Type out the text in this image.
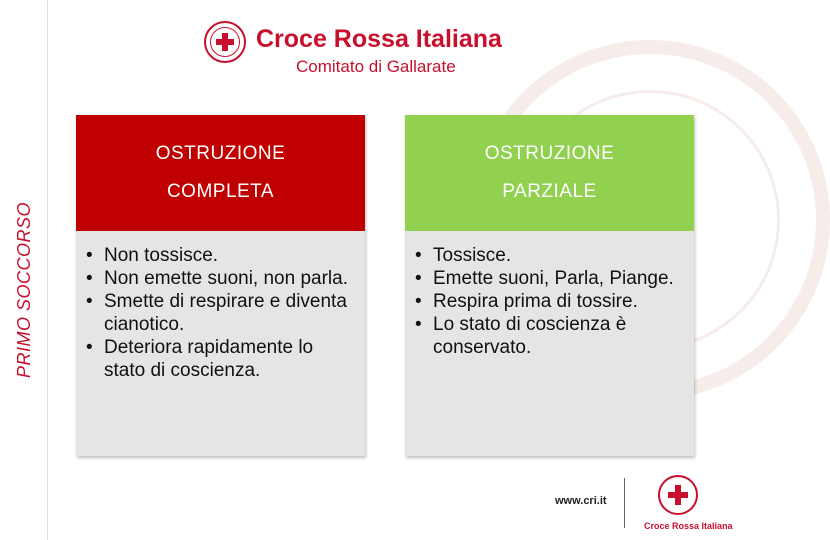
PRIMO SOCCORSO
Croce Rossa Italiana
Comitato di Gallarate
OSTRUZIONE
COMPLETA
• Non tossisce.
• Non emette suoni, non parla.
• Smette di respirare e diventa cianotico.
• Deteriora rapidamente lo stato di coscienza.
OSTRUZIONE
PARZIALE
• Tossisce.
• Emette suoni, Parla, Piange.
• Respira prima di tossire.
• Lo stato di coscienza è conservato.
www.cri.it
Croce Rossa Italiana
